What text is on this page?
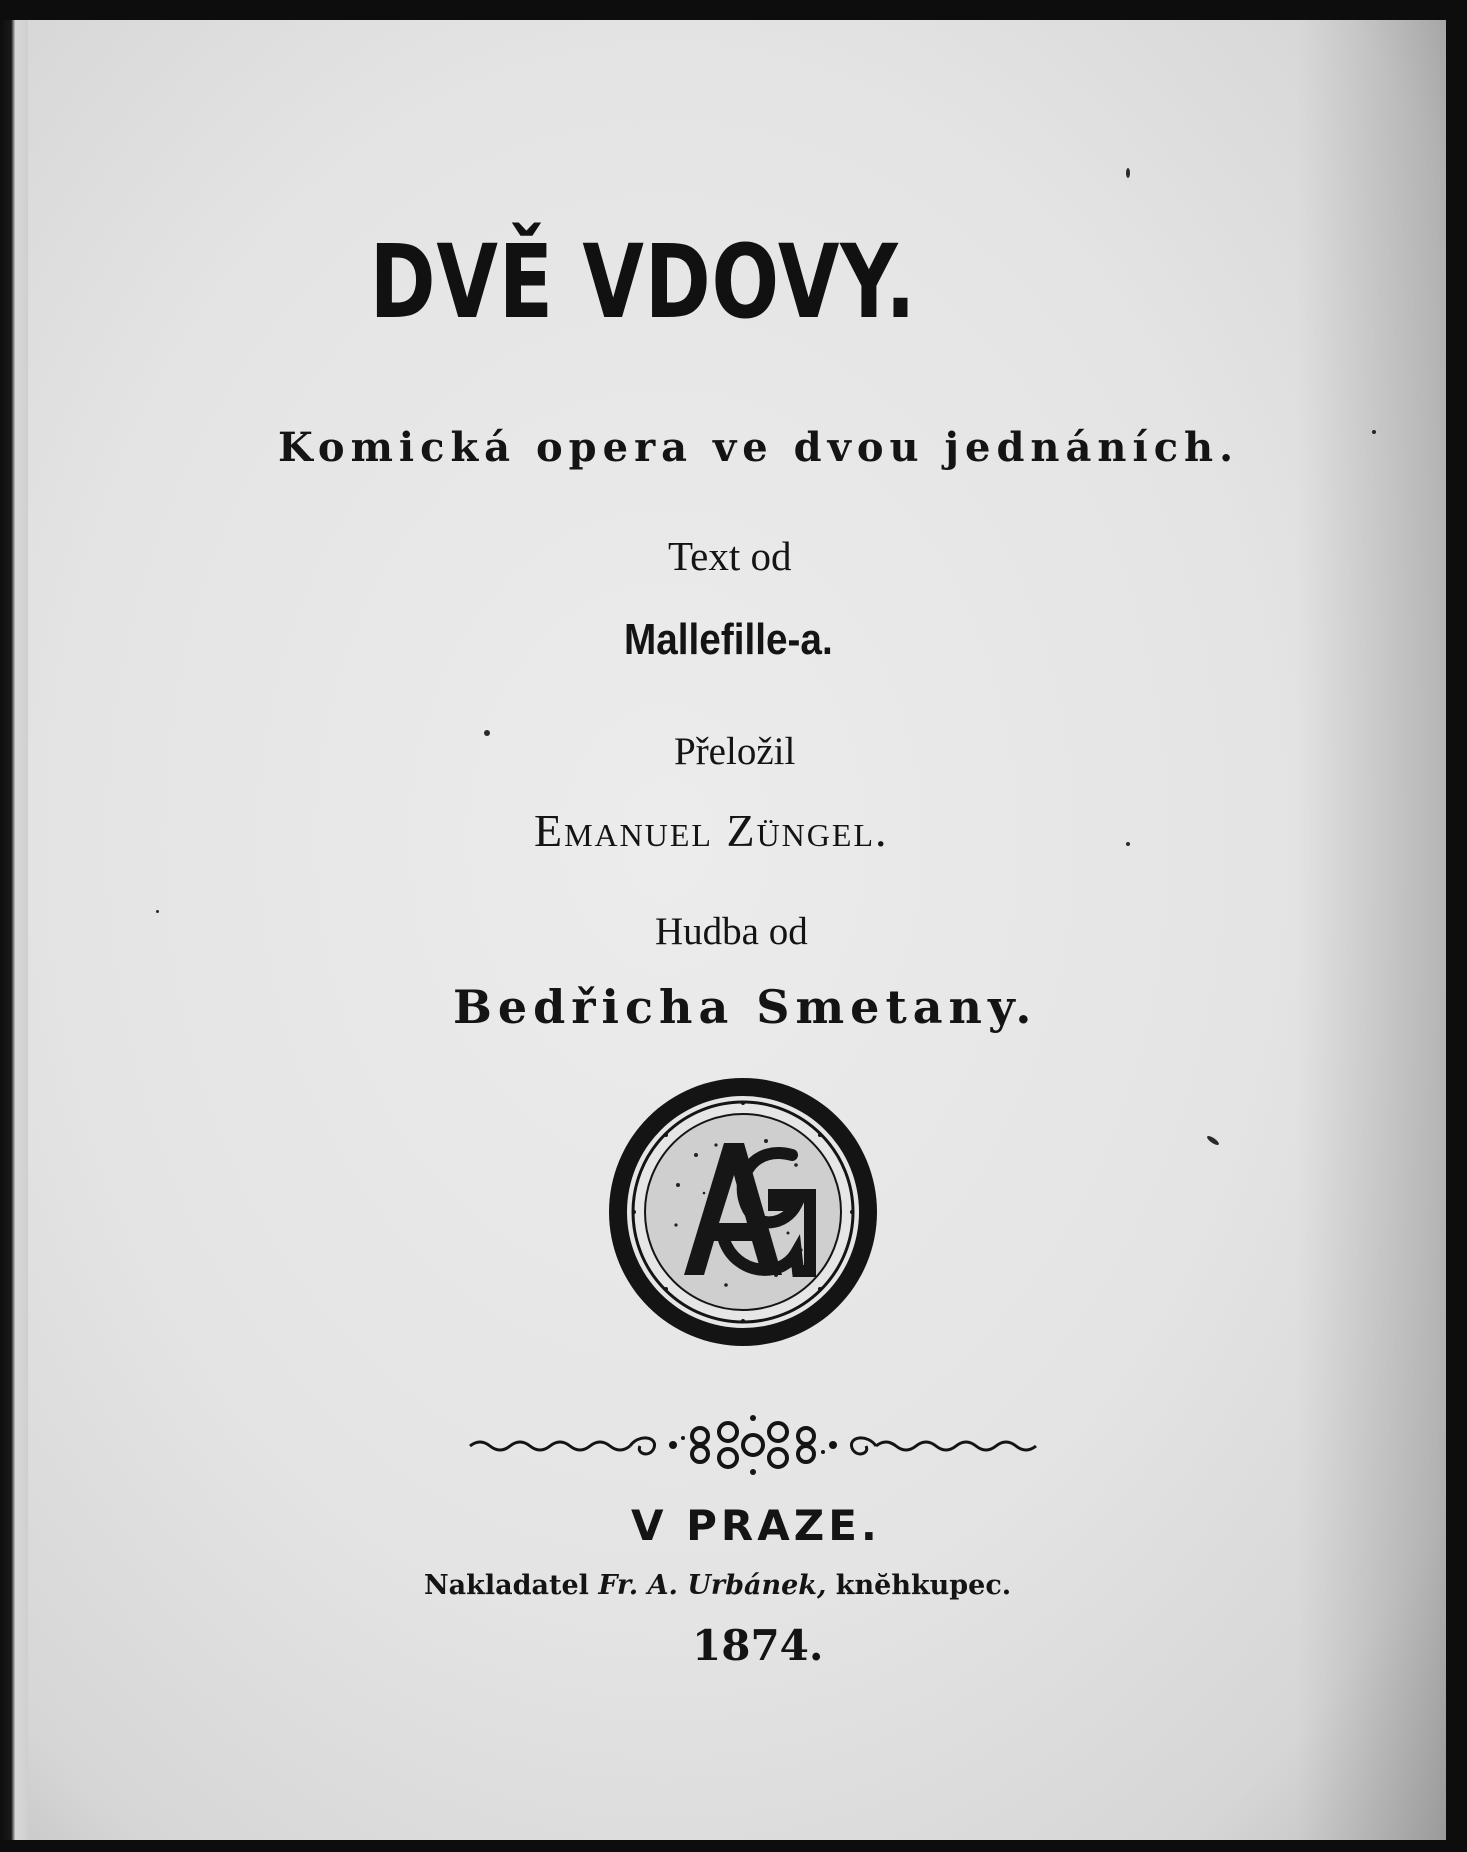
DVĚ VDOVY.
Komická opera ve dvou jednáních.
Text od
Mallefille-a.
Přeložil
Emanuel Züngel.
Hudba od
Bedřicha Smetany.
V PRAZE.
Nakladatel Fr. A. Urbánek, knĕhkupec.
1874.
